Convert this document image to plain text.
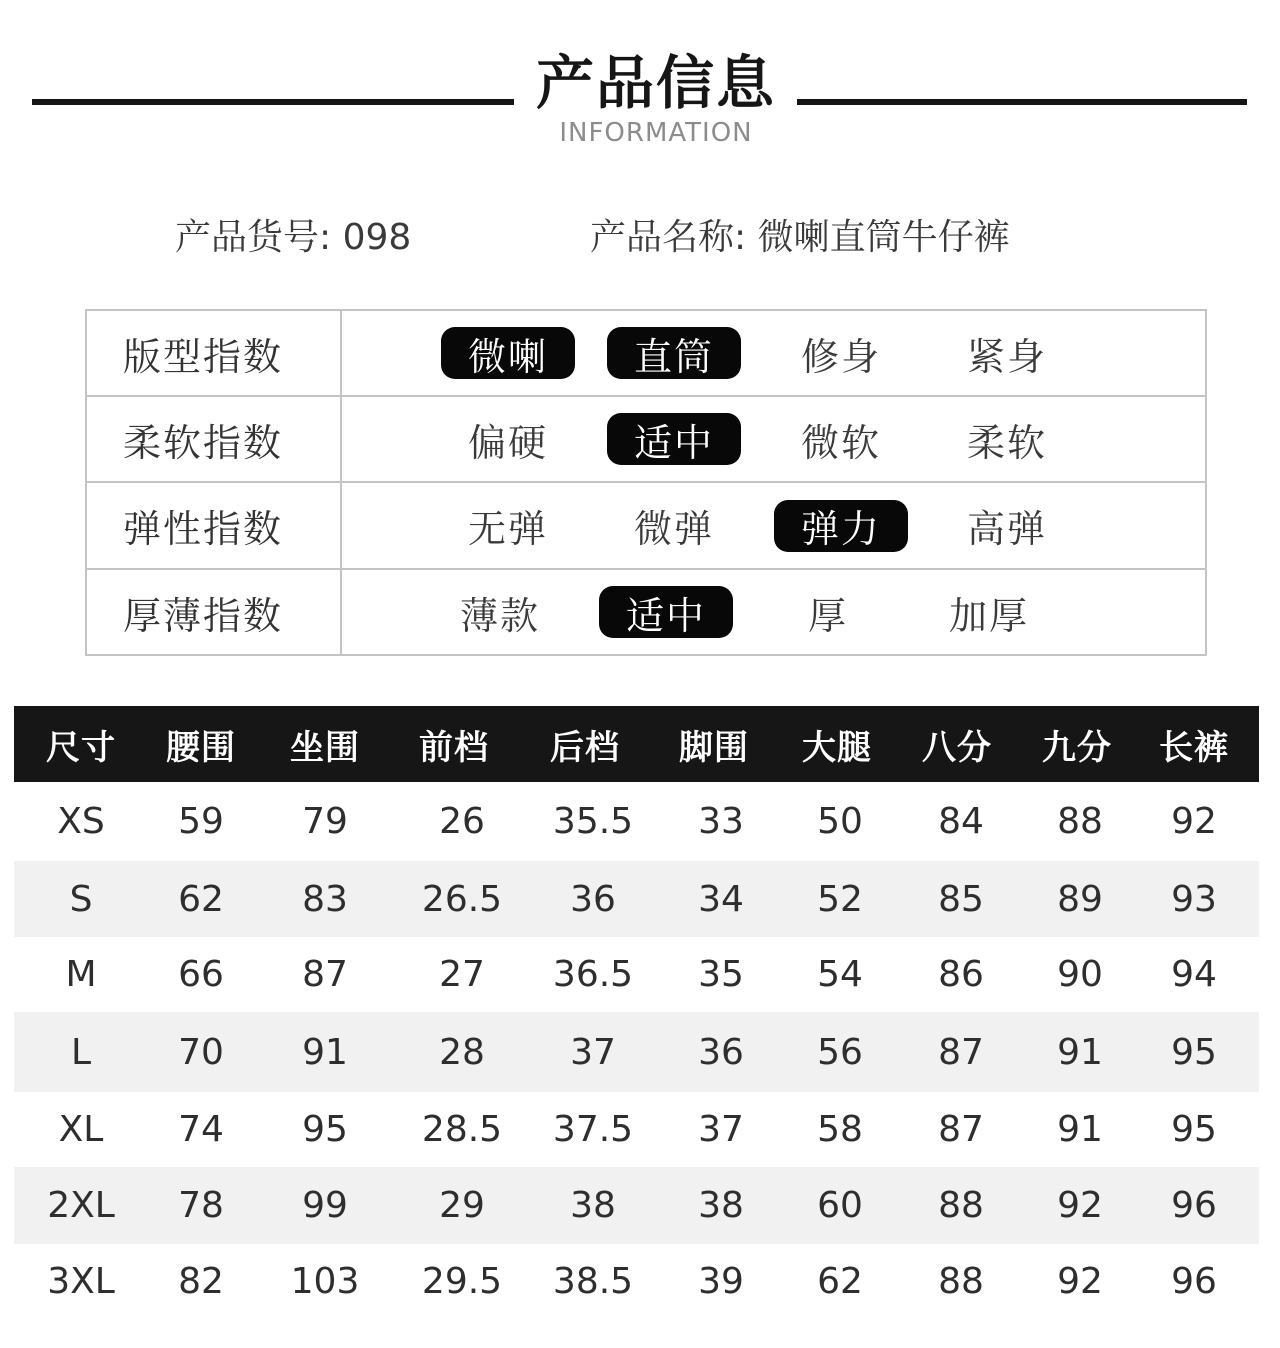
产品信息
INFORMATION
产品货号: 098	产品名称: 微喇直筒牛仔裤
版型指数	微喇	直筒	修身	紧身
柔软指数	偏硬	适中	微软	柔软
弹性指数	无弹	微弹	弹力	高弹
厚薄指数	薄款	适中	厚	加厚
尺寸 腰围 坐围 前档 后档 脚围 大腿 八分 九分 长裤
XS 59 79	26 35.5 33 50 84 88 92
S 62 83 26.5 36 34 52 85 89 93
M 66 87	27 36.5 35 54 86 90 94
L 70 91	28 37 36 56 87 91 95
XL 74 95 28.5 37.5 37 58 87 91 95
2XL 78 99	29 38 38 60 88 92 96
3XL 82 103 29.5 38.5 39 62 88 92 96
